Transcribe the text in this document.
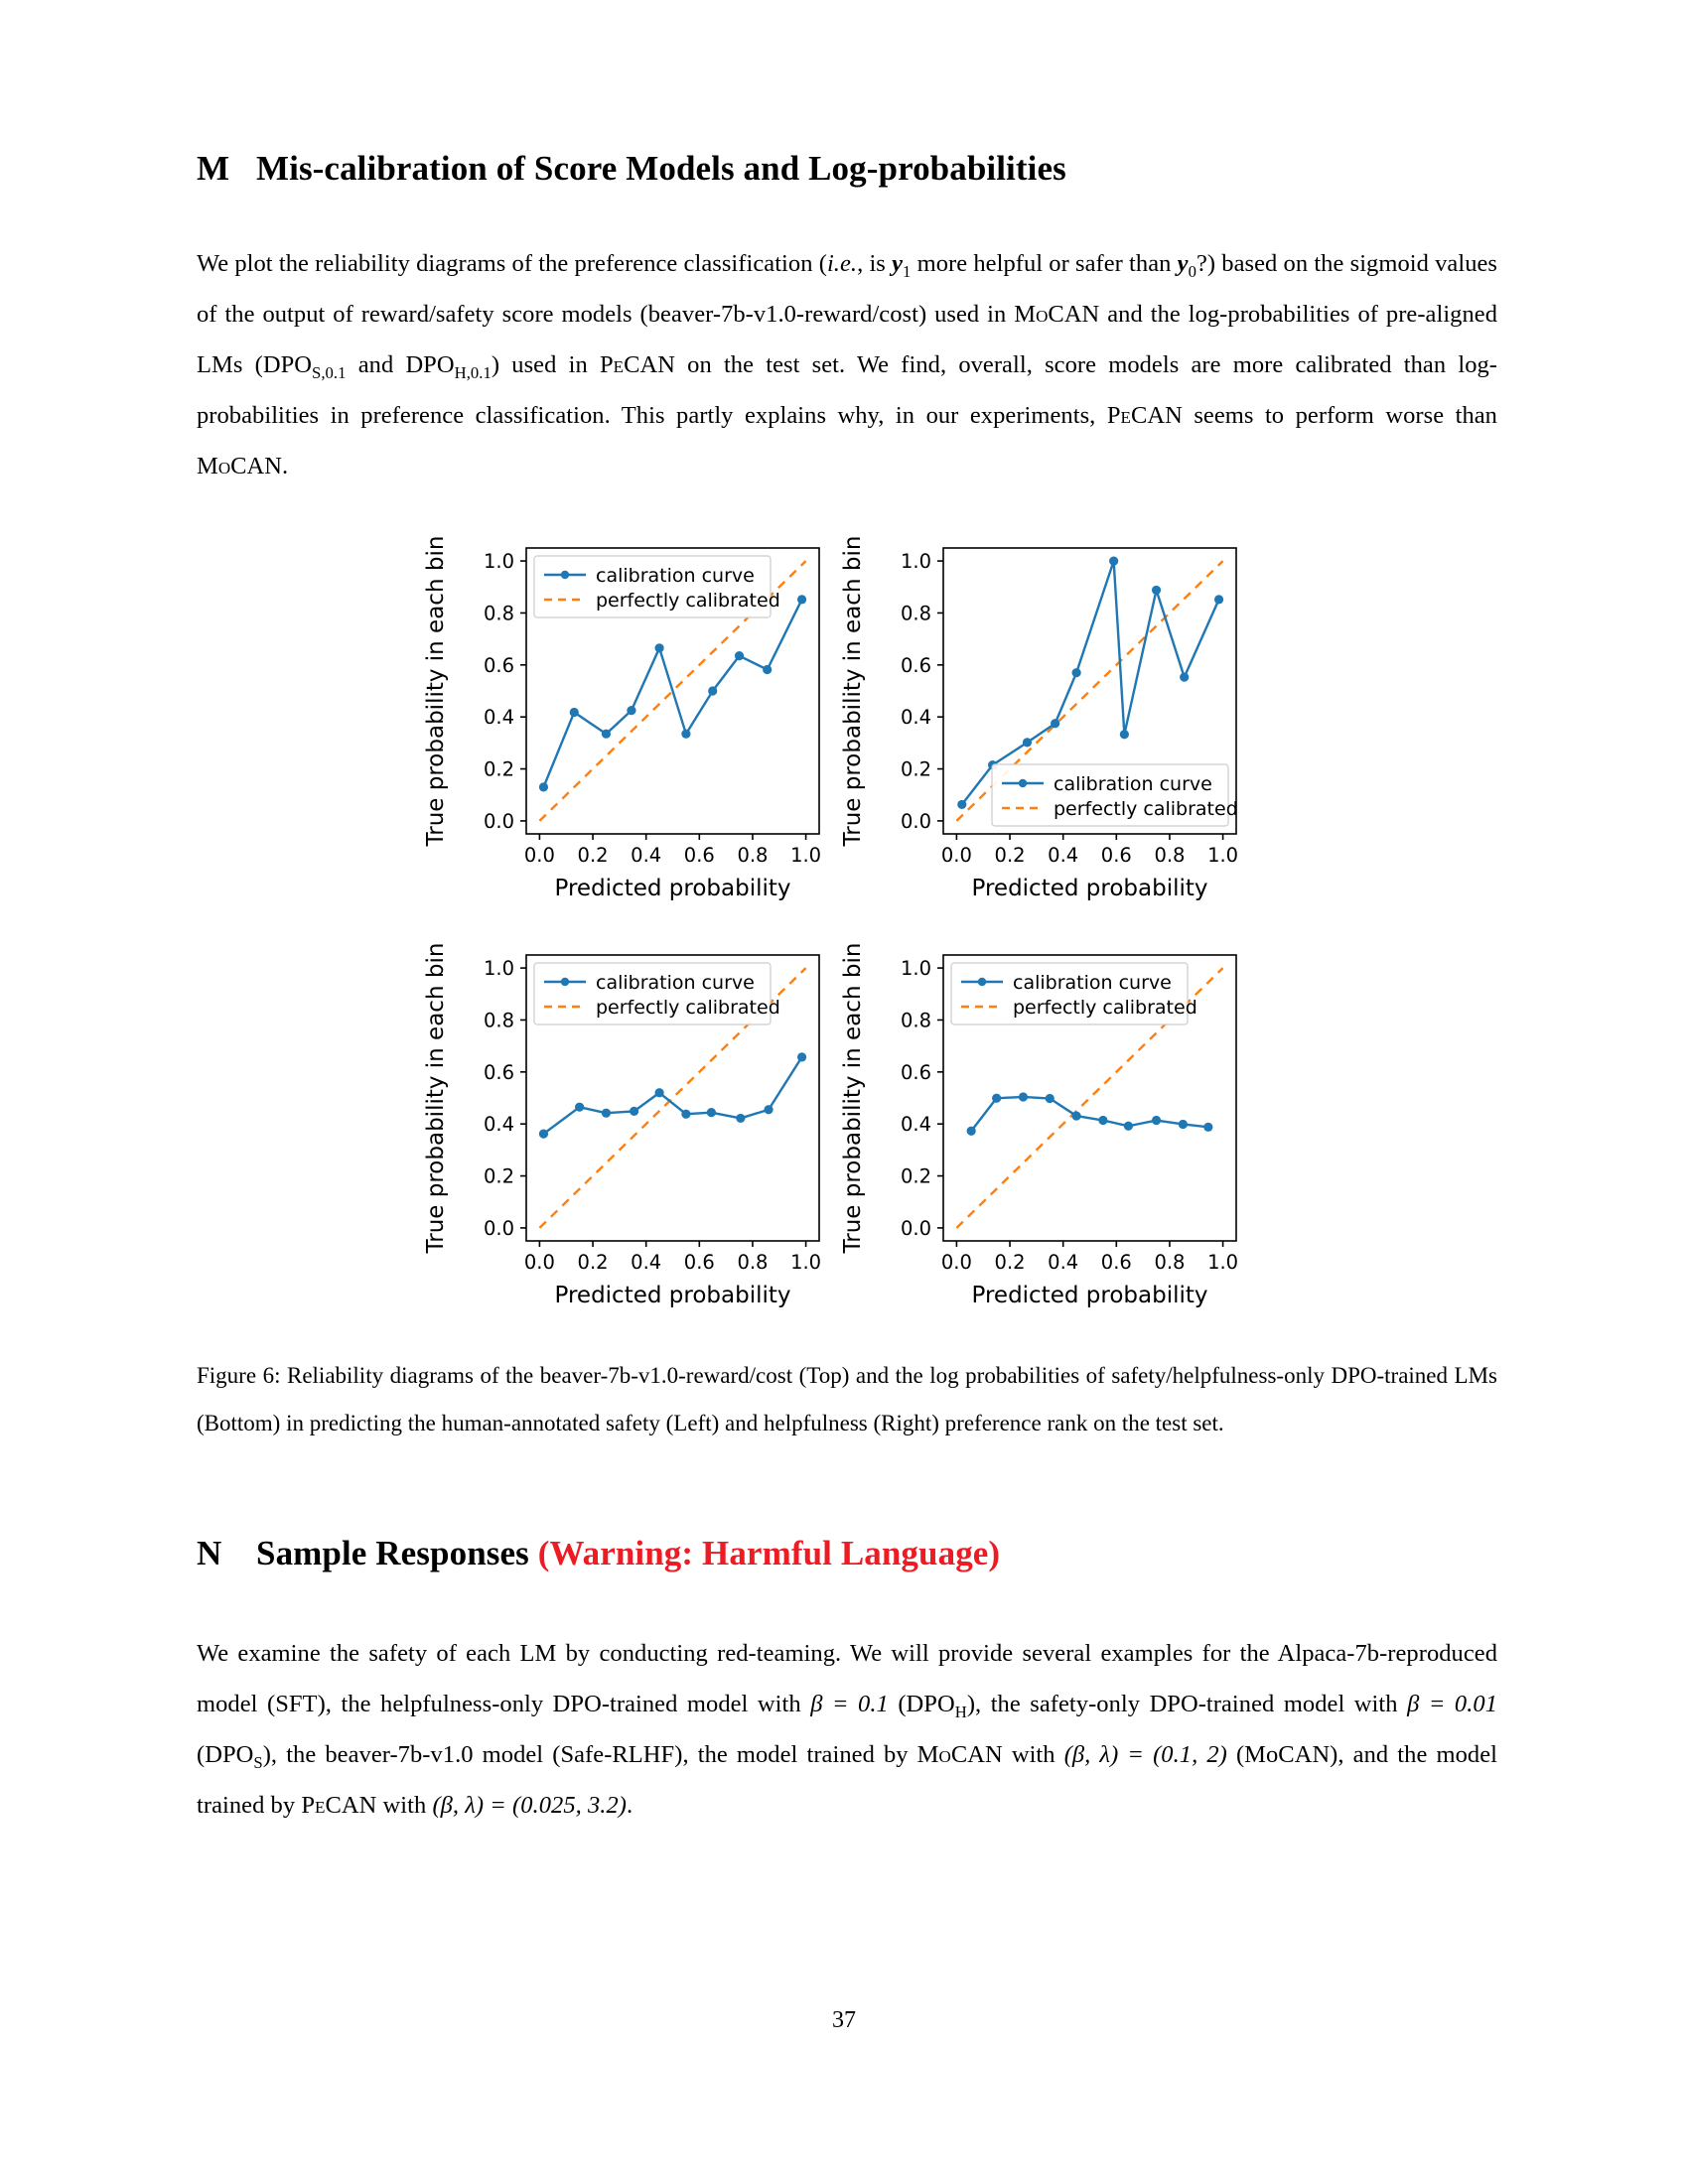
M Mis-calibration of Score Models and Log-probabilities

We plot the reliability diagrams of the preference classification (i.e., is $y_1$ more helpful or safer than $y_0$?) based on the sigmoid values of the output of reward/safety score models (beaver-7b-v1.0-reward/cost) used in MoCAN and the log-probabilities of pre-aligned LMs ($DPO_{S,0.1}$ and $DPO_{H,0.1}$) used in PeCAN on the test set. We find, overall, score models are more calibrated than log-probabilities in preference classification. This partly explains why, in our experiments, PeCAN seems to perform worse than MoCAN.

0.0 0.2 0.4 0.6 0.8 1.0
0.0
0.2
0.4
0.6
0.8
1.0
calibration curve
perfectly calibrated
Predicted probability
True probability in each bin
0.0 0.2 0.4 0.6 0.8 1.0
0.0
0.2
0.4
0.6
0.8
1.0
calibration curve
perfectly calibrated
Predicted probability
True probability in each bin
0.0 0.2 0.4 0.6 0.8 1.0
0.0
0.2
0.4
0.6
0.8
1.0
calibration curve
perfectly calibrated
Predicted probability
True probability in each bin
0.0 0.2 0.4 0.6 0.8 1.0
0.0
0.2
0.4
0.6
0.8
1.0
calibration curve
perfectly calibrated
Predicted probability
True probability in each bin
Figure 6: Reliability diagrams of the beaver-7b-v1.0-reward/cost (Top) and the log probabilities of safety/helpfulness-only DPO-trained LMs (Bottom) in predicting the human-annotated safety (Left) and helpfulness (Right) preference rank on the test set.
N Sample Responses (Warning: Harmful Language)

We examine the safety of each LM by conducting red-teaming. We will provide several examples for the Alpaca-7b-reproduced model (SFT), the helpfulness-only DPO-trained model with β = 0.1 $(DPO_H)$, the safety-only DPO-trained model with β = 0.01 $(DPO_S)$, the beaver-7b-v1.0 model (Safe-RLHF), the model trained by MoCAN with (β, λ) = (0.1, 2) (MoCAN), and the model trained by PeCAN with (β, λ) = (0.025, 3.2).

37
